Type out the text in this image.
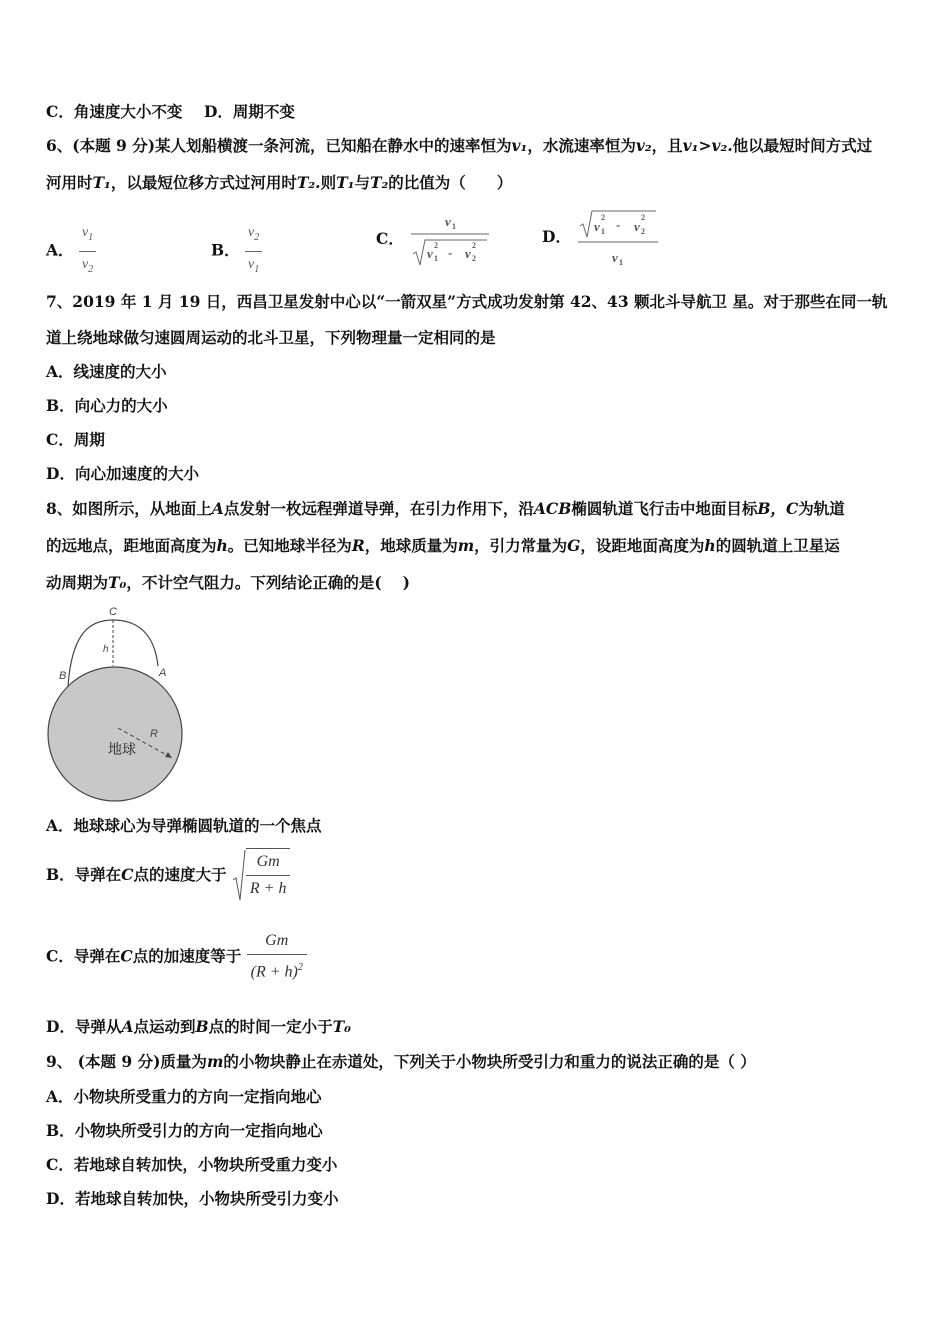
C．角速度大小不变 D．周期不变
6、(本题 9 分)某人划船横渡一条河流，已知船在静水中的速率恒为v₁，水流速率恒为v₂，且v₁>v₂.他以最短时间方式过
河用时T₁，以最短位移方式过河用时T₂.则T₁与T₂的比值为（　　）
A． $\frac{v_1}{v_2}$	B． $\frac{v_2}{v_1}$	C．
v 1
v
2
1 - v
2
2
D．
v
2
1 - v
2
2
v 1
7、2019 年 1 月 19 日，西昌卫星发射中心以“一箭双星”方式成功发射第 42、43 颗北斗导航卫 星。对于那些在同一轨
道上绕地球做匀速圆周运动的北斗卫星，下列物理量一定相同的是
A．线速度的大小
B．向心力的大小
C．周期
D．向心加速度的大小
8、如图所示，从地面上A点发射一枚远程弹道导弹，在引力作用下，沿ACB椭圆轨道飞行击中地面目标B，C为轨道
的远地点，距地面高度为h。已知地球半径为R，地球质量为m，引力常量为G，设距地面高度为h的圆轨道上卫星运
动周期为T₀，不计空气阻力。下列结论正确的是(　 )
C
h
B	A
R
地球
A．地球球心为导弹椭圆轨道的一个焦点
B．导弹在C点的速度大于
Gm
R + h
C．导弹在C点的加速度等于 $\frac{Gm}{(R + h)^2}$
D．导弹从A点运动到B点的时间一定小于T₀
9、 (本题 9 分)质量为m的小物块静止在赤道处，下列关于小物块所受引力和重力的说法正确的是（ ）
A．小物块所受重力的方向一定指向地心
B．小物块所受引力的方向一定指向地心
C．若地球自转加快，小物块所受重力变小
D．若地球自转加快，小物块所受引力变小
